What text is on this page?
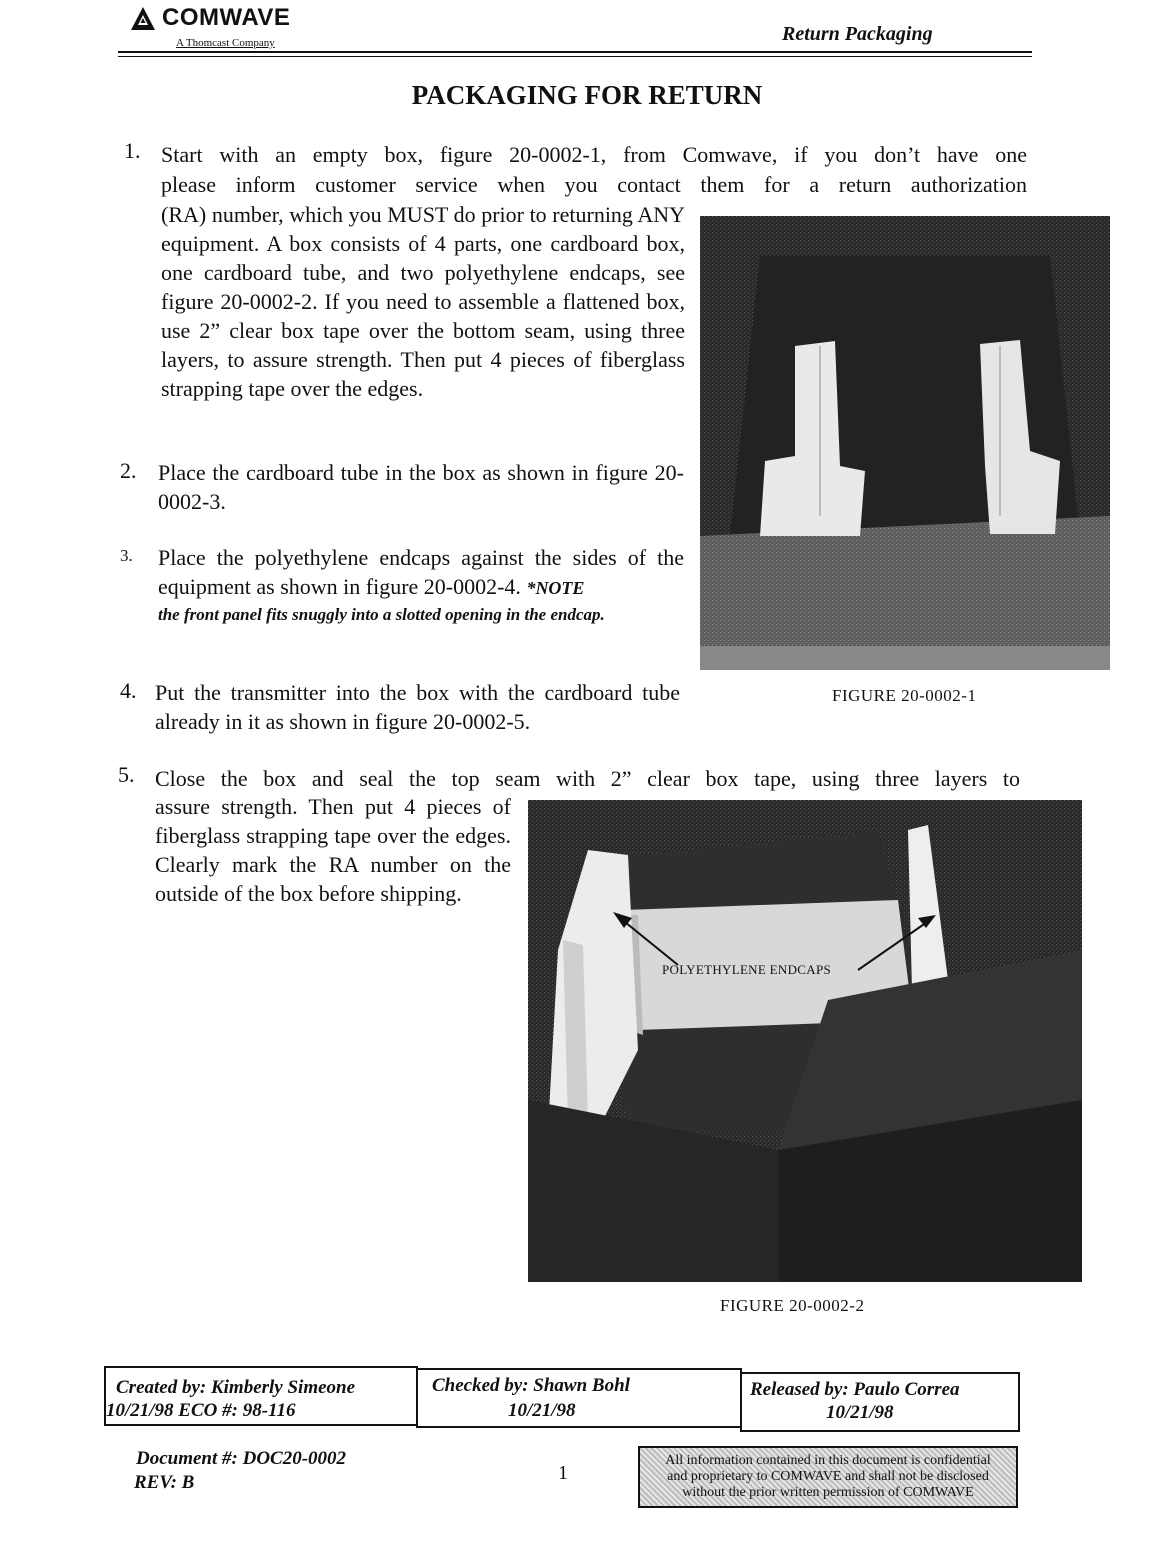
COMWAVE
A Thomcast Company	Return Packaging
PACKAGING FOR RETURN
1. Start with an empty box, figure 20-0002-1, from Comwave, if you don’t have one
please inform customer service when you contact them for a return authorization
(RA) number, which you MUST do prior to returning ANY equipment. A box consists of 4 parts, one cardboard box, one cardboard tube, and two polyethylene endcaps, see figure 20-0002-2. If you need to assemble a flattened box, use 2” clear box tape over the bottom seam, using three layers, to assure strength. Then put 4 pieces of fiberglass strapping tape over the edges.
FIGURE 20-0002-1
2. Place the cardboard tube in the box as shown in figure 20-0002-3.
3. Place the polyethylene endcaps against the sides of the equipment as shown in figure 20-0002-4. *NOTE
the front panel fits snuggly into a slotted opening in the endcap.
4. Put the transmitter into the box with the cardboard tube already in it as shown in figure 20-0002-5.
5. Close the box and seal the top seam with 2” clear box tape, using three layers to
assure strength. Then put 4 pieces of fiberglass strapping tape over the edges. Clearly mark the RA number on the outside of the box before shipping.
POLYETHYLENE ENDCAPS
FIGURE 20-0002-2
Created by: Kimberly Simeone
10/21/98 ECO #: 98-116
Checked by: Shawn Bohl
10/21/98
Released by: Paulo Correa
10/21/98
Document #: DOC20-0002
REV: B	1
All information contained in this document is confidential
and proprietary to COMWAVE and shall not be disclosed
without the prior written permission of COMWAVE
